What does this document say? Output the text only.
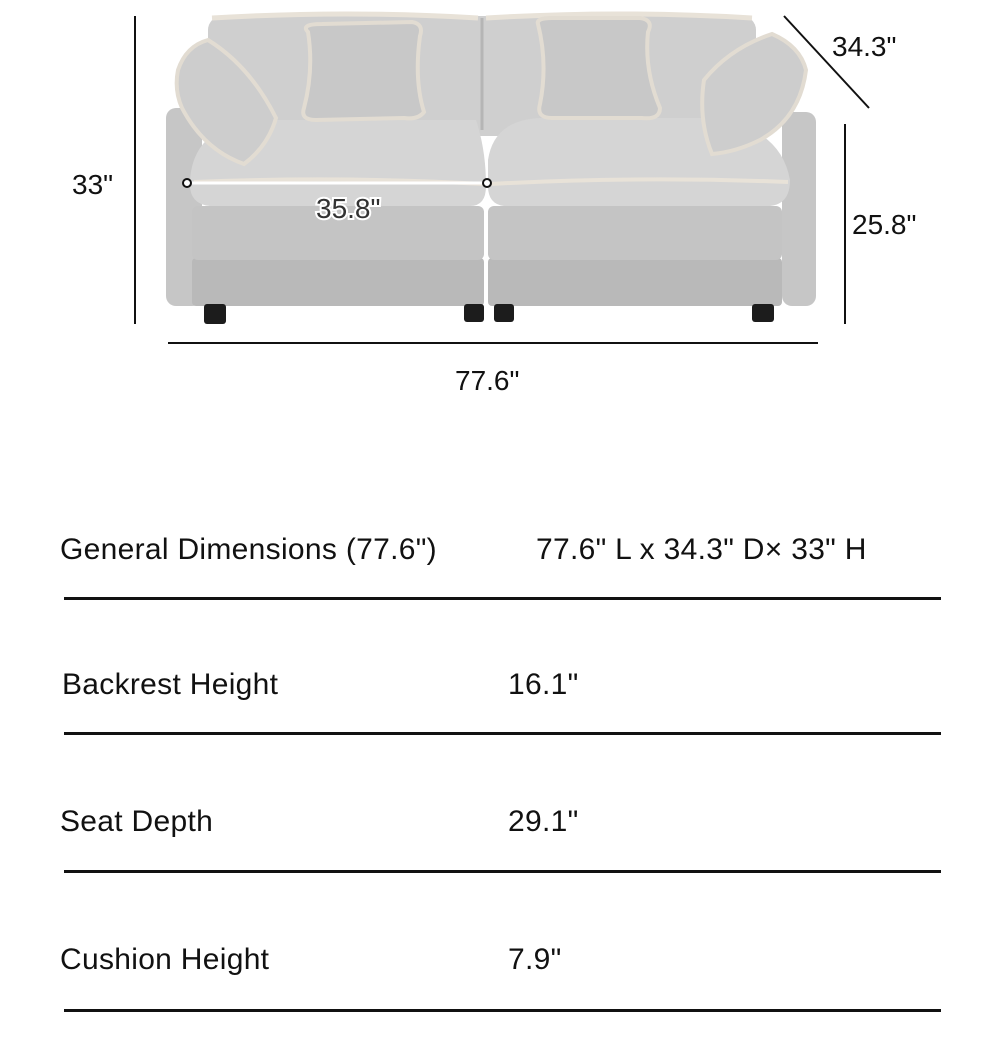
33"
34.3"
25.8"
77.6"
35.8"
General Dimensions (77.6")	77.6" L x 34.3" D× 33" H
Backrest Height	16.1"
Seat Depth	29.1"
Cushion Height	7.9"
